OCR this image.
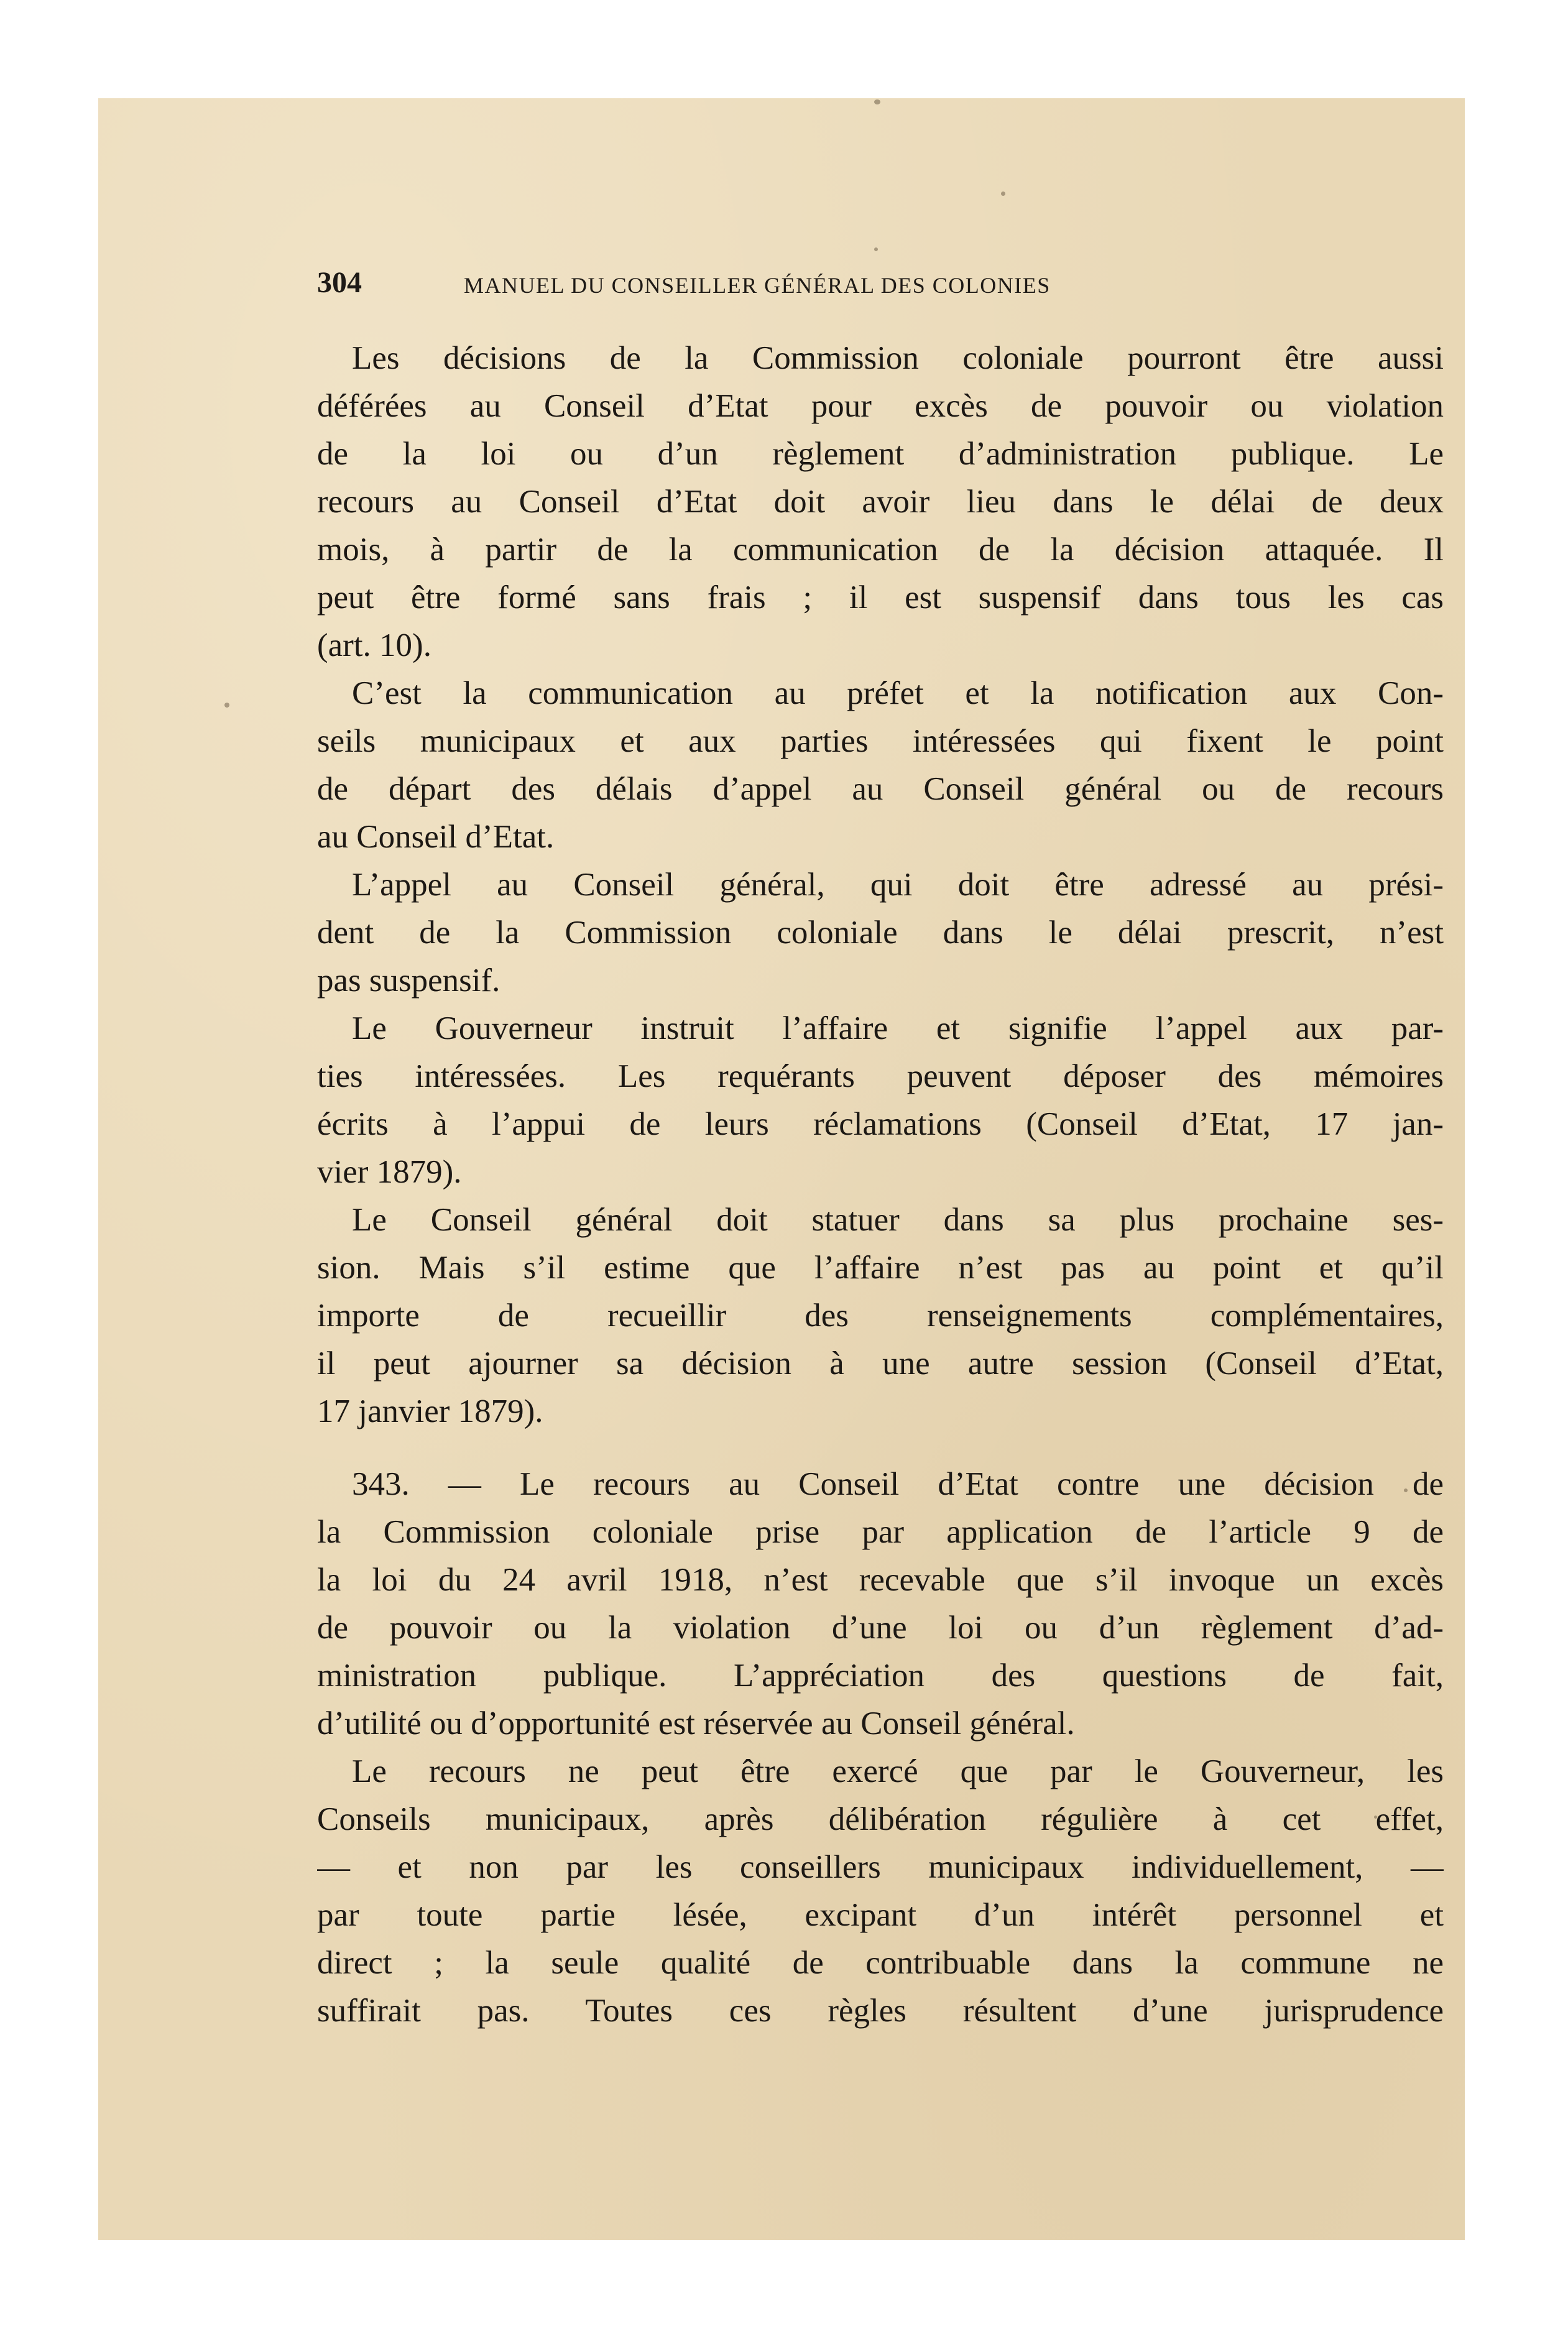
304	MANUEL DU CONSEILLER GÉNÉRAL DES COLONIES
Les décisions de la Commission coloniale pourront être aussi
déférées au Conseil d’Etat pour excès de pouvoir ou violation
de la loi ou d’un règlement d’administration publique. Le
recours au Conseil d’Etat doit avoir lieu dans le délai de deux
mois, à partir de la communication de la décision attaquée. Il
peut être formé sans frais ; il est suspensif dans tous les cas
(art. 10).
C’est la communication au préfet et la notification aux Con-
seils municipaux et aux parties intéressées qui fixent le point
de départ des délais d’appel au Conseil général ou de recours
au Conseil d’Etat.
L’appel au Conseil général, qui doit être adressé au prési-
dent de la Commission coloniale dans le délai prescrit, n’est
pas suspensif.
Le Gouverneur instruit l’affaire et signifie l’appel aux par-
ties intéressées. Les requérants peuvent déposer des mémoires
écrits à l’appui de leurs réclamations (Conseil d’Etat, 17 jan-
vier 1879).
Le Conseil général doit statuer dans sa plus prochaine ses-
sion. Mais s’il estime que l’affaire n’est pas au point et qu’il
importe de recueillir des renseignements complémentaires,
il peut ajourner sa décision à une autre session (Conseil d’Etat,
17 janvier 1879).
343. — Le recours au Conseil d’Etat contre une décision de
la Commission coloniale prise par application de l’article 9 de
la loi du 24 avril 1918, n’est recevable que s’il invoque un excès
de pouvoir ou la violation d’une loi ou d’un règlement d’ad-
ministration publique. L’appréciation des questions de fait,
d’utilité ou d’opportunité est réservée au Conseil général.
Le recours ne peut être exercé que par le Gouverneur, les
Conseils municipaux, après délibération régulière à cet effet,
— et non par les conseillers municipaux individuellement, —
par toute partie lésée, excipant d’un intérêt personnel et
direct ; la seule qualité de contribuable dans la commune ne
suffirait pas. Toutes ces règles résultent d’une jurisprudence
